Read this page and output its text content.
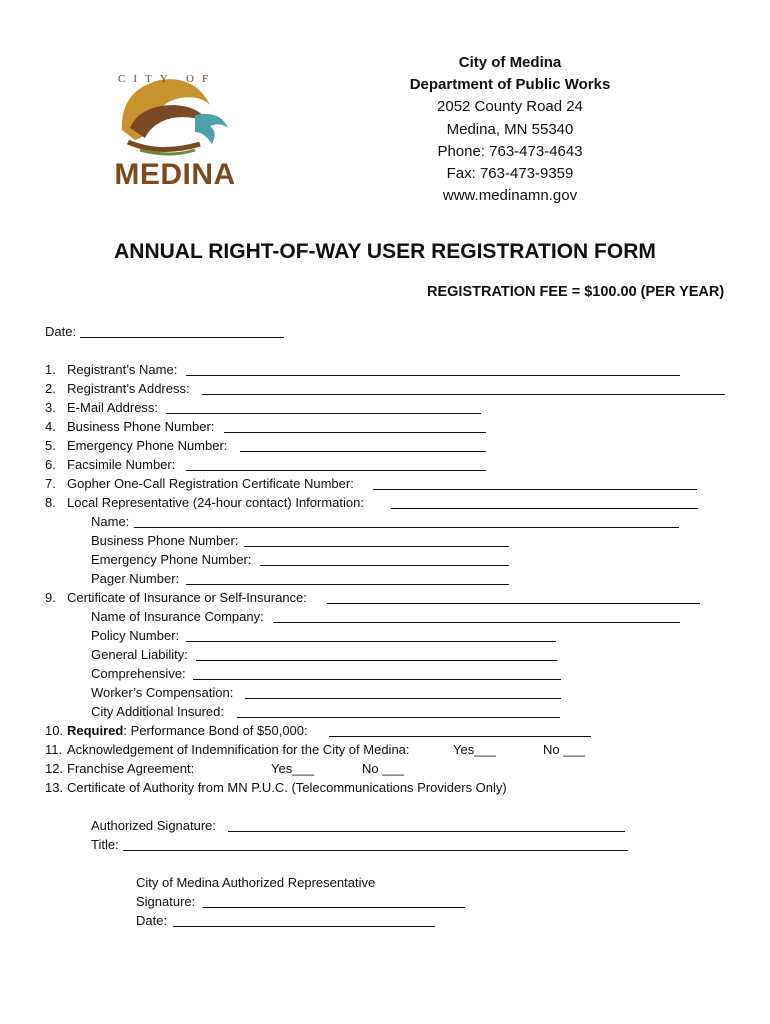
CITY OF
MEDINA
City of Medina
Department of Public Works
2052 County Road 24
Medina, MN 55340
Phone: 763-473-4643
Fax: 763-473-9359
www.medinamn.gov
ANNUAL RIGHT-OF-WAY USER REGISTRATION FORM
REGISTRATION FEE = $100.00 (PER YEAR)
Date:
1. Registrant’s Name:
2. Registrant’s Address:
3. E-Mail Address:
4. Business Phone Number:
5. Emergency Phone Number:
6. Facsimile Number:
7. Gopher One-Call Registration Certificate Number:
8. Local Representative (24-hour contact) Information:
Name:
Business Phone Number:
Emergency Phone Number:
Pager Number:
9. Certificate of Insurance or Self-Insurance:
Name of Insurance Company:
Policy Number:
General Liability:
Comprehensive:
Worker’s Compensation:
City Additional Insured:
10. Required: Performance Bond of $50,000:
11. Acknowledgement of Indemnification for the City of Medina:	Yes___	No ___
12. Franchise Agreement:	Yes___	No ___
13. Certificate of Authority from MN P.U.C. (Telecommunications Providers Only)
Authorized Signature:
Title:
City of Medina Authorized Representative
Signature:
Date:
